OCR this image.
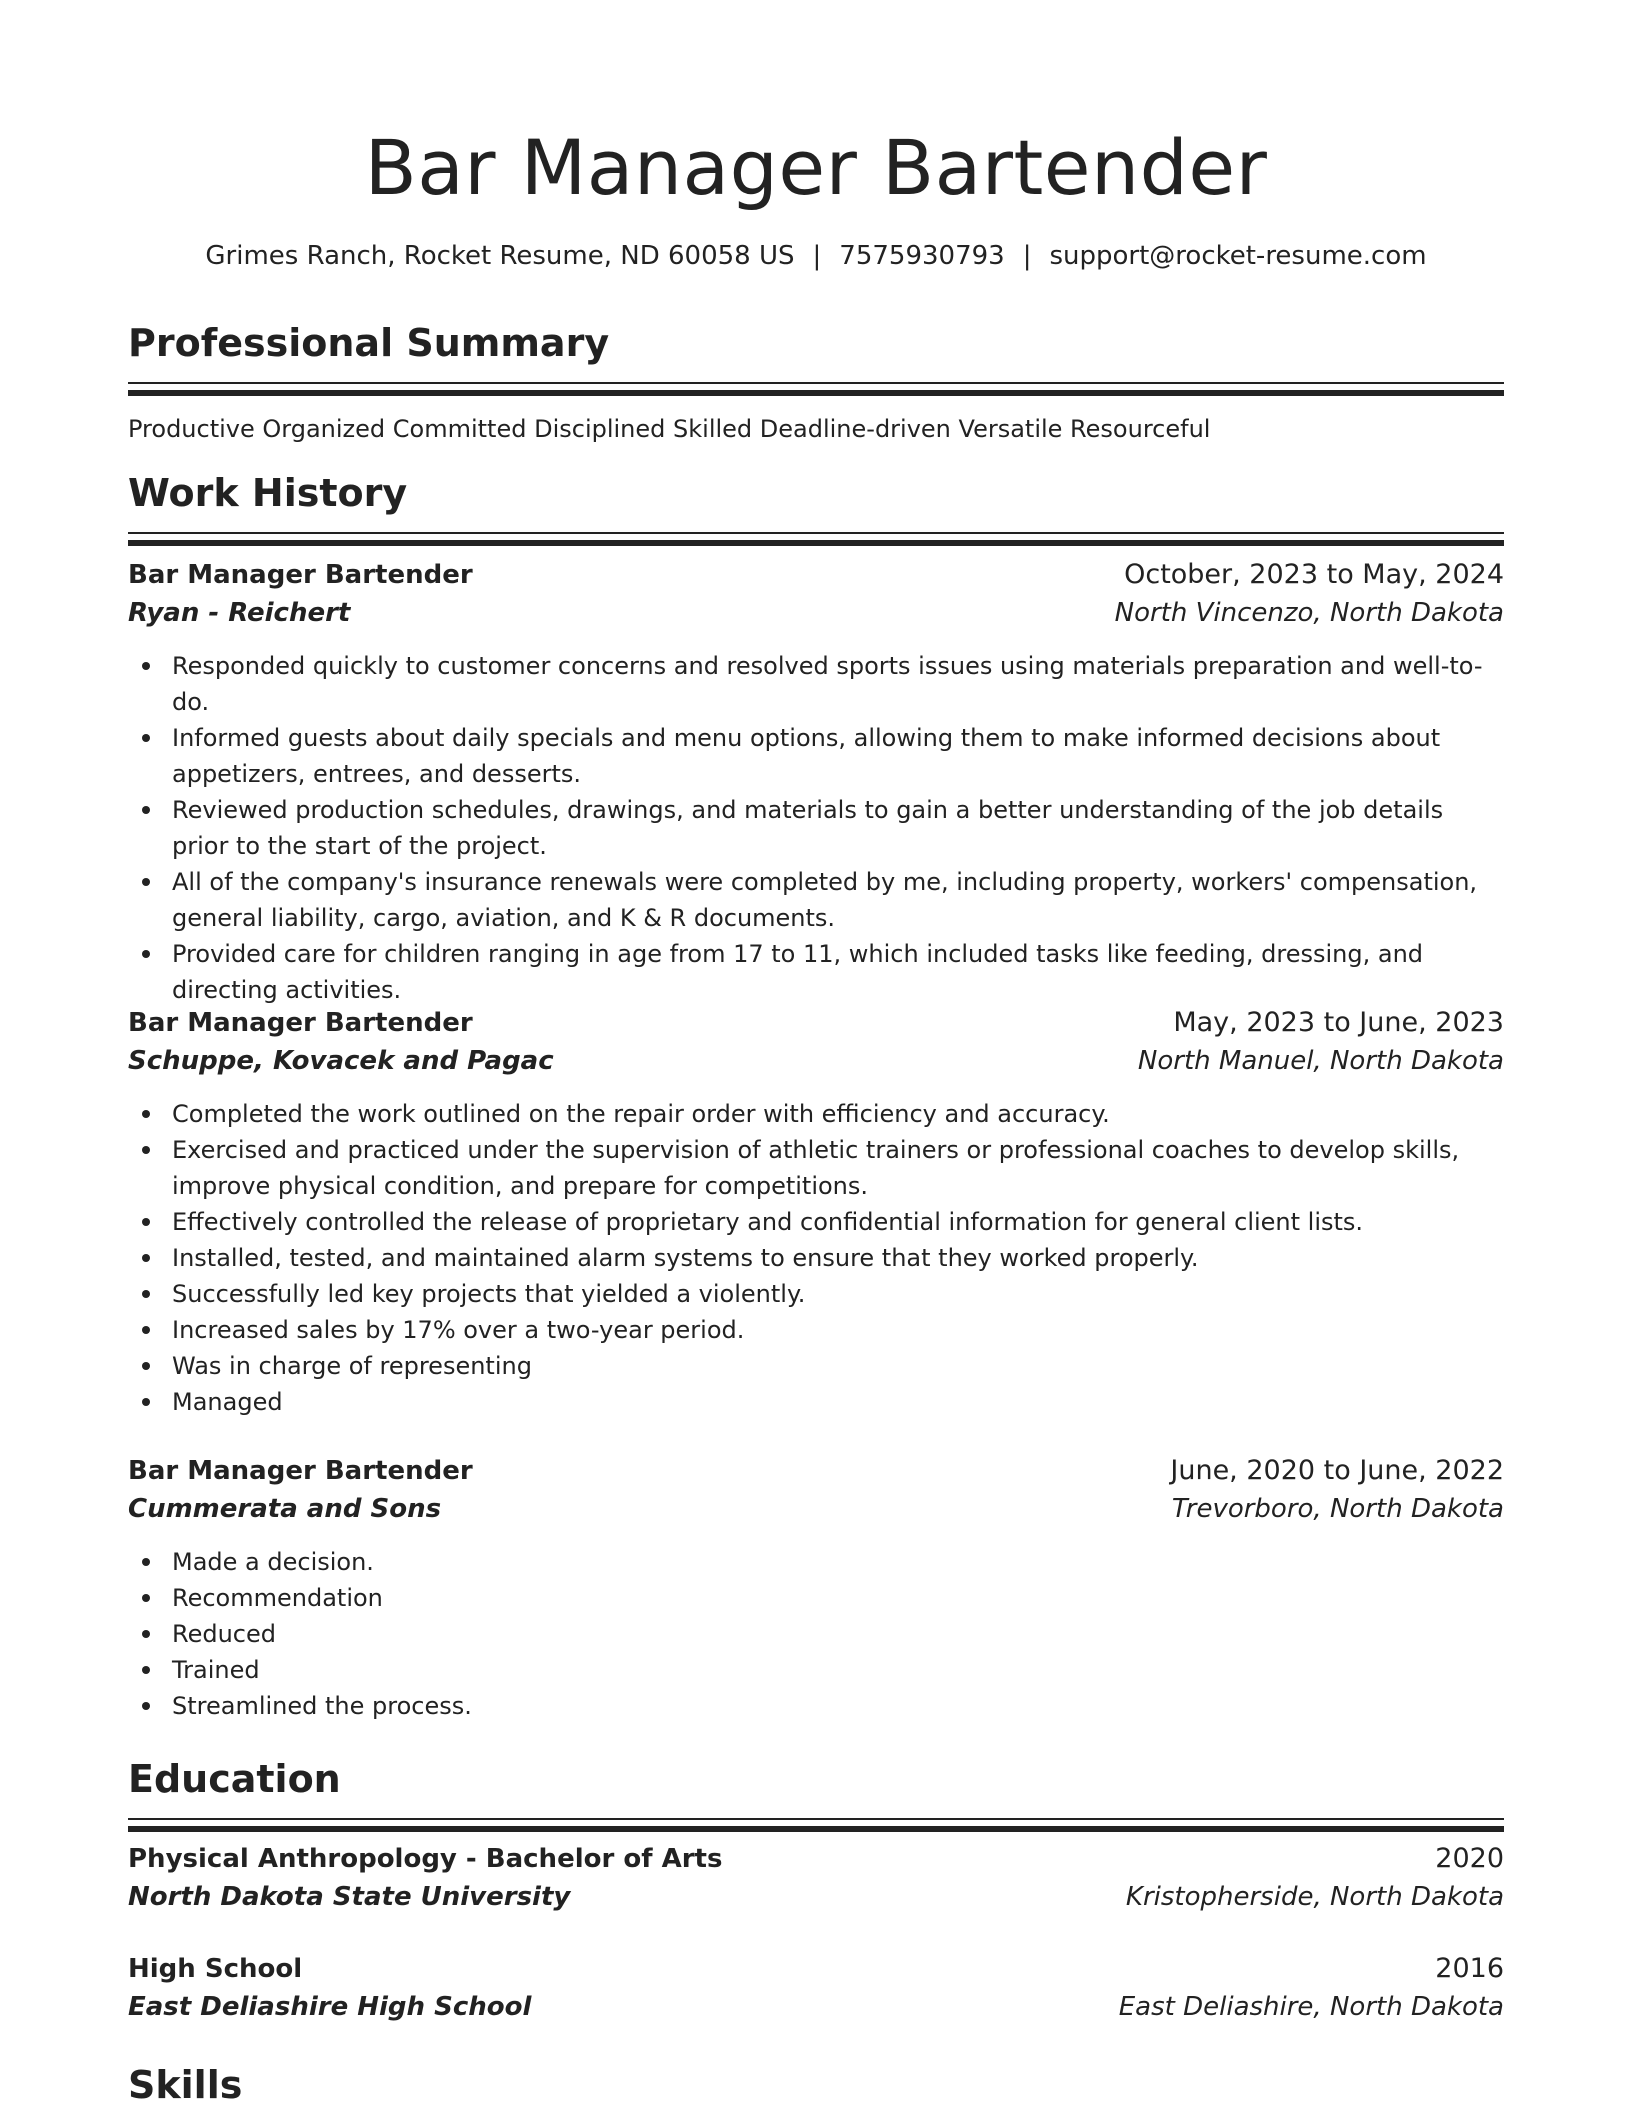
Bar Manager Bartender
Grimes Ranch, Rocket Resume, ND 60058 US | 7575930793 | support@rocket-resume.com
Professional Summary
Productive Organized Committed Disciplined Skilled Deadline-driven Versatile Resourceful
Work History
Bar Manager Bartender	October, 2023 to May, 2024
Ryan - Reichert	North Vincenzo, North Dakota
Responded quickly to customer concerns and resolved sports issues using materials preparation and well-to-do.
Informed guests about daily specials and menu options, allowing them to make informed decisions about appetizers, entrees, and desserts.
Reviewed production schedules, drawings, and materials to gain a better understanding of the job details prior to the start of the project.
All of the company's insurance renewals were completed by me, including property, workers' compensation, general liability, cargo, aviation, and K & R documents.
Provided care for children ranging in age from 17 to 11, which included tasks like feeding, dressing, and directing activities.
Bar Manager Bartender	May, 2023 to June, 2023
Schuppe, Kovacek and Pagac	North Manuel, North Dakota
Completed the work outlined on the repair order with efficiency and accuracy.
Exercised and practiced under the supervision of athletic trainers or professional coaches to develop skills, improve physical condition, and prepare for competitions.
Effectively controlled the release of proprietary and confidential information for general client lists.
Installed, tested, and maintained alarm systems to ensure that they worked properly.
Successfully led key projects that yielded a violently.
Increased sales by 17% over a two-year period.
Was in charge of representing
Managed
Bar Manager Bartender	June, 2020 to June, 2022
Cummerata and Sons	Trevorboro, North Dakota
Made a decision.
Recommendation
Reduced
Trained
Streamlined the process.
Education
Physical Anthropology - Bachelor of Arts	2020
North Dakota State University	Kristopherside, North Dakota
High School	2016
East Deliashire High School	East Deliashire, North Dakota
Skills
